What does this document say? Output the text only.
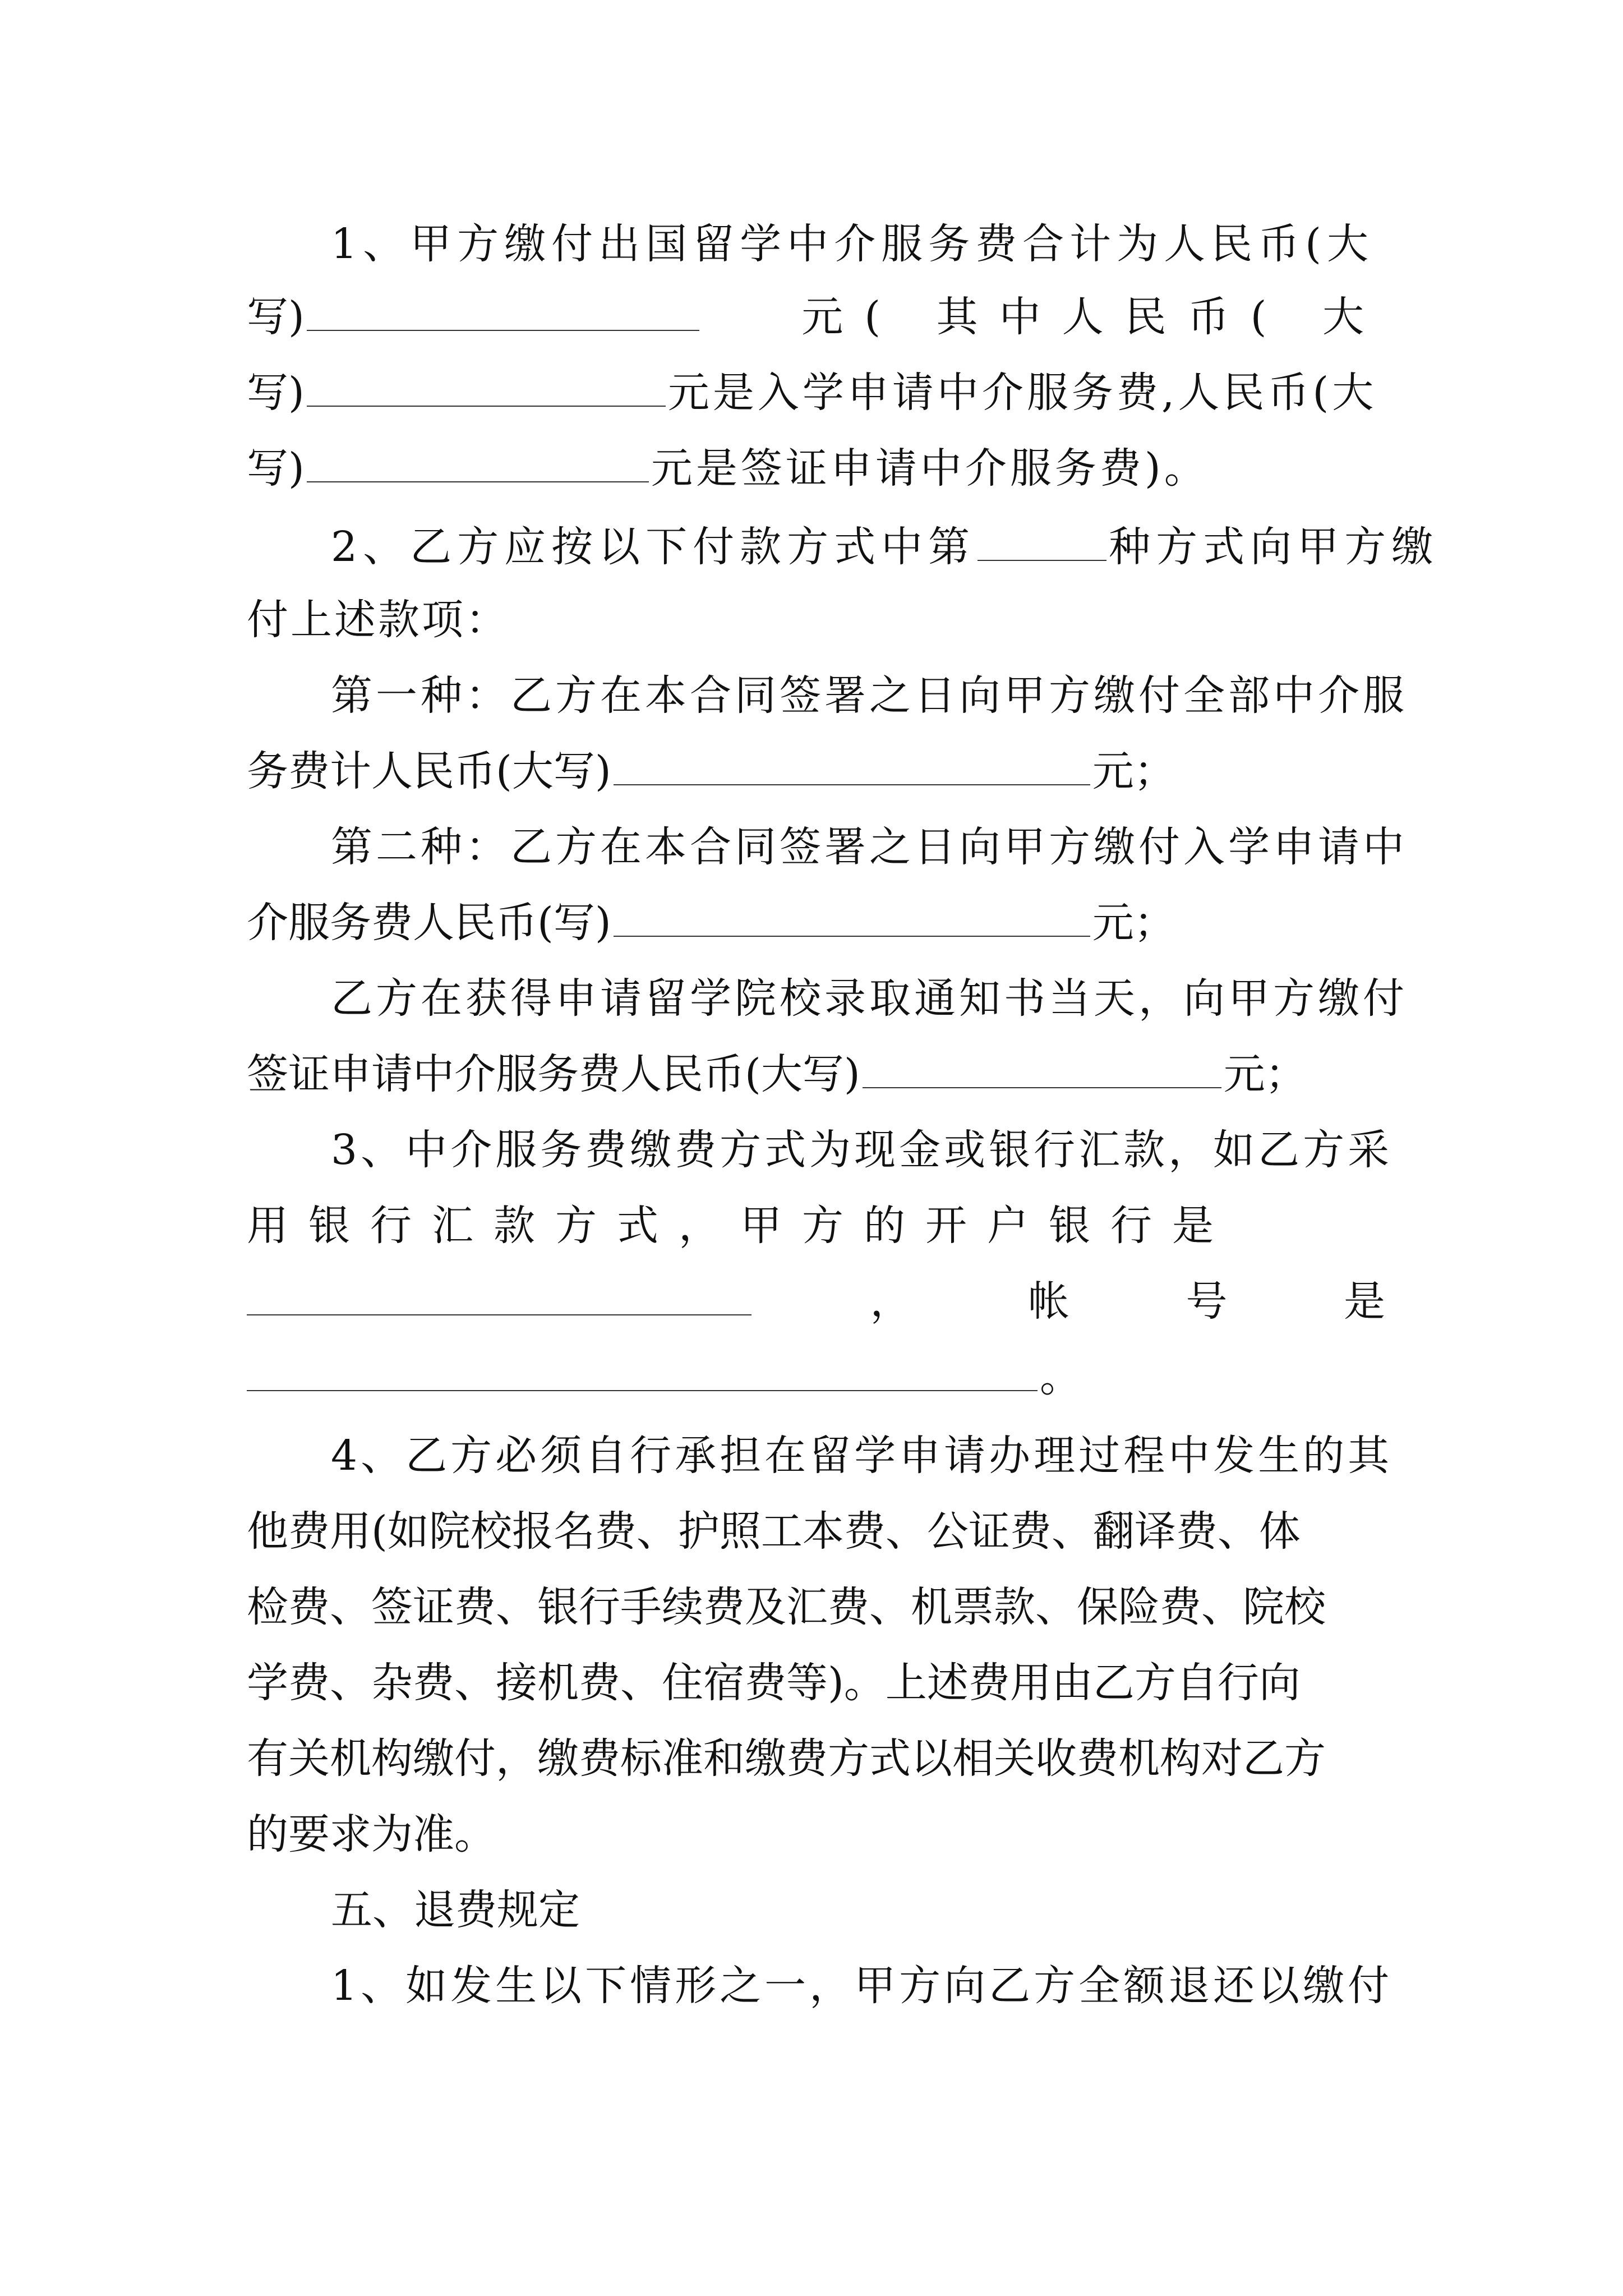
1、甲方缴付出国留学中介服务费合计为人民币(大
写)	元( 其中人民币( 大
写)	元是入学申请中介服务费,人民币(大
写)	元是签证申请中介服务费)。
2、乙方应按以下付款方式中第	种方式向甲方缴
付上述款项：
第一种：乙方在本合同签署之日向甲方缴付全部中介服
务费计人民币(大写)	元；
第二种：乙方在本合同签署之日向甲方缴付入学申请中
介服务费人民币(写)	元；
乙方在获得申请留学院校录取通知书当天，向甲方缴付
签证申请中介服务费人民币(大写)	元；
3、中介服务费缴费方式为现金或银行汇款，如乙方采
用银行汇款方式，甲方的开户银行是
，	帐	号	是
。
4、乙方必须自行承担在留学申请办理过程中发生的其
他费用(如院校报名费、护照工本费、公证费、翻译费、体
检费、签证费、银行手续费及汇费、机票款、保险费、院校
学费、杂费、接机费、住宿费等)。上述费用由乙方自行向
有关机构缴付，缴费标准和缴费方式以相关收费机构对乙方
的要求为准。
五、退费规定
1、如发生以下情形之一，甲方向乙方全额退还以缴付
